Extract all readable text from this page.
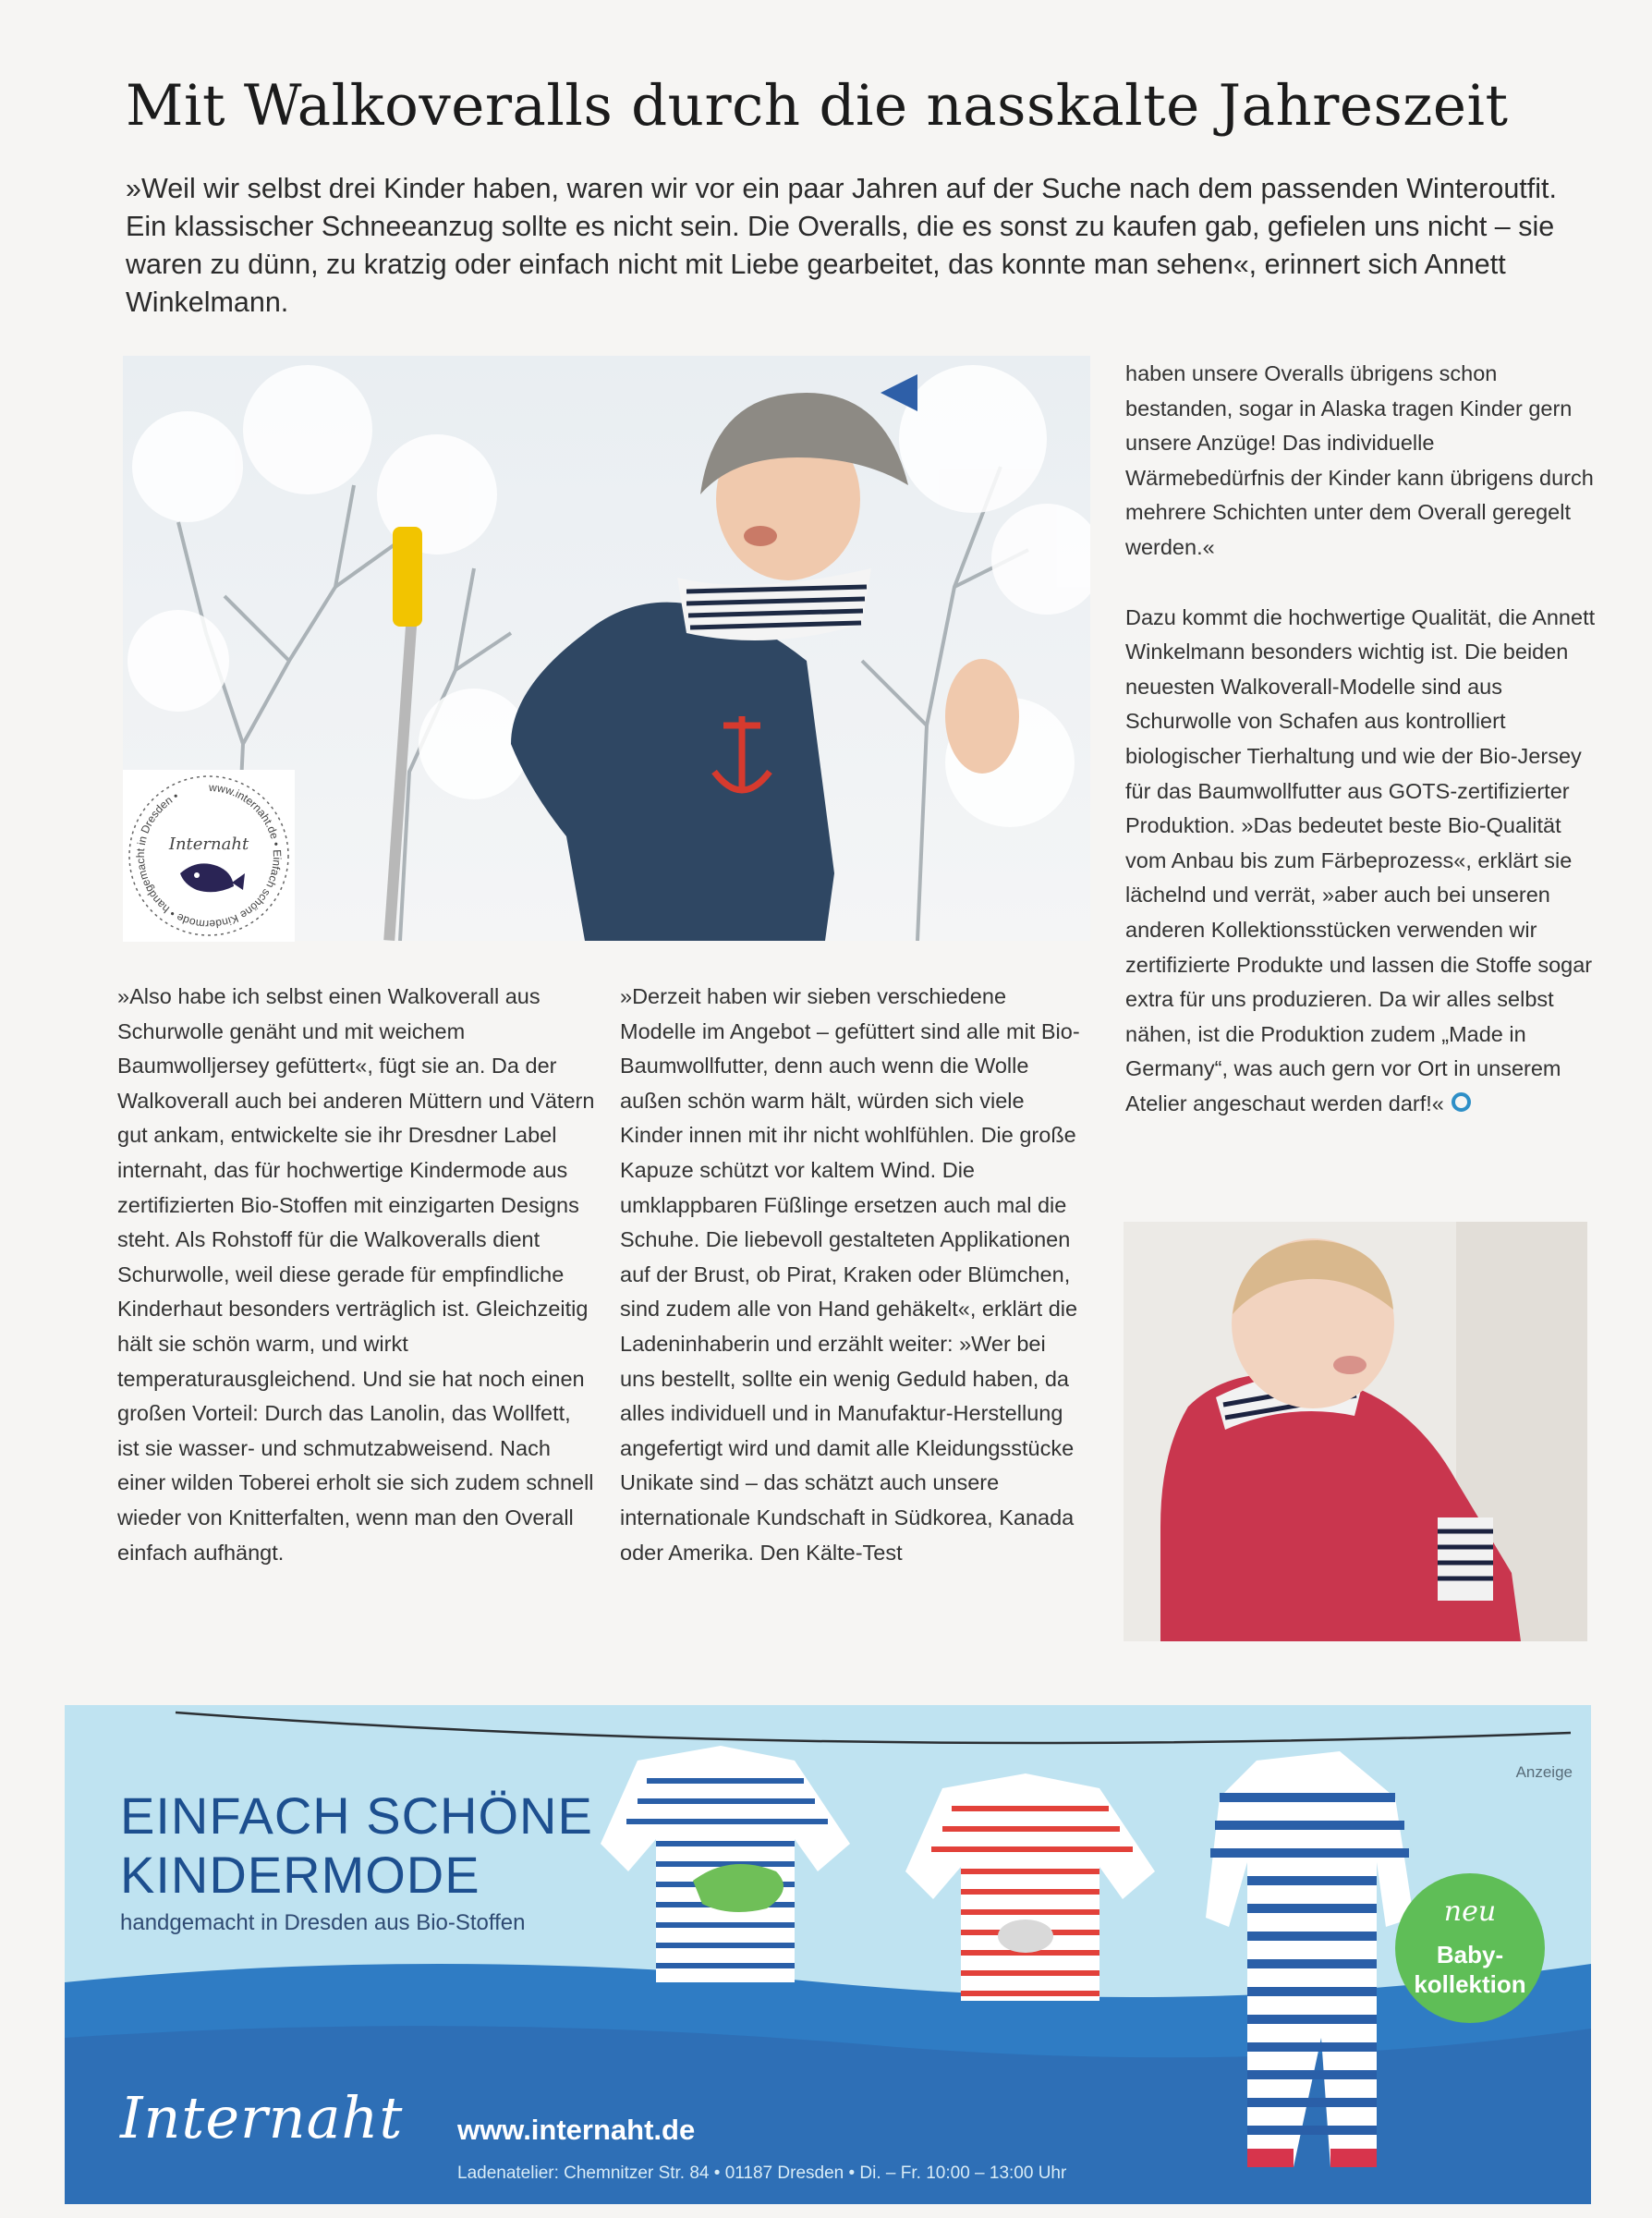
Mit Walkoveralls durch die nasskalte Jahreszeit

»Weil wir selbst drei Kinder haben, waren wir vor ein paar Jahren auf der Suche nach dem passenden Winteroutfit. Ein klassischer Schneeanzug sollte es nicht sein. Die Overalls, die es sonst zu kaufen gab, gefielen uns nicht – sie waren zu dünn, zu kratzig oder einfach nicht mit Liebe gearbeitet, das konnte man sehen«, erinnert sich Annett Winkelmann.

www.internaht.de • Einfach schöne Kindermode • handgemacht in Dresden •
Internaht

»Also habe ich selbst einen Walkoverall aus Schurwolle genäht und mit weichem Baumwolljersey gefüttert«, fügt sie an. Da der Walkoverall auch bei anderen Müttern und Vätern gut ankam, entwickelte sie ihr Dresdner Label internaht, das für hochwertige Kindermode aus zertifizierten Bio-Stoffen mit einzigarten Designs steht. Als Rohstoff für die Walkoveralls dient Schurwolle, weil diese gerade für empfindliche Kinderhaut besonders verträglich ist. Gleichzeitig hält sie schön warm, und wirkt temperaturausgleichend. Und sie hat noch einen großen Vorteil: Durch das Lanolin, das Wollfett, ist sie wasser- und schmutzabweisend. Nach einer wilden Toberei erholt sie sich zudem schnell wieder von Knitterfalten, wenn man den Overall einfach aufhängt.

»Derzeit haben wir sieben verschiedene Modelle im Angebot – gefüttert sind alle mit Bio-Baumwollfutter, denn auch wenn die Wolle außen schön warm hält, würden sich viele Kinder innen mit ihr nicht wohlfühlen. Die große Kapuze schützt vor kaltem Wind. Die umklappbaren Füßlinge ersetzen auch mal die Schuhe. Die liebevoll gestalteten Applikationen auf der Brust, ob Pirat, Kraken oder Blümchen, sind zudem alle von Hand gehäkelt«, erklärt die Ladeninhaberin und erzählt weiter: »Wer bei uns bestellt, sollte ein wenig Geduld haben, da alles individuell und in Manufaktur-Herstellung angefertigt wird und damit alle Kleidungsstücke Unikate sind – das schätzt auch unsere internationale Kundschaft in Südkorea, Kanada oder Amerika. Den Kälte-Test

haben unsere Overalls übrigens schon bestanden, sogar in Alaska tragen Kinder gern unsere Anzüge! Das individuelle Wärmebedürfnis der Kinder kann übrigens durch mehrere Schichten unter dem Overall geregelt werden.«

Dazu kommt die hochwertige Qualität, die Annett Winkelmann besonders wichtig ist. Die beiden neuesten Walkoverall-Modelle sind aus Schurwolle von Schafen aus kontrolliert biologischer Tierhaltung und wie der Bio-Jersey für das Baumwollfutter aus GOTS-zertifizierter Produktion. »Das bedeutet beste Bio-Qualität vom Anbau bis zum Färbeprozess«, erklärt sie lächelnd und verrät, »aber auch bei unseren anderen Kollektionsstücken verwenden wir zertifizierte Produkte und lassen die Stoffe sogar extra für uns produzieren. Da wir alles selbst nähen, ist die Produktion zudem „Made in Germany“, was auch gern vor Ort in unserem Atelier angeschaut werden darf!«

EINFACH SCHÖNE
KINDERMODE
handgemacht in Dresden aus Bio-Stoffen
Anzeige
neu
Baby-
kollektion
Internaht www.internaht.de
Ladenatelier: Chemnitzer Str. 84 • 01187 Dresden • Di. – Fr. 10:00 – 13:00 Uhr
